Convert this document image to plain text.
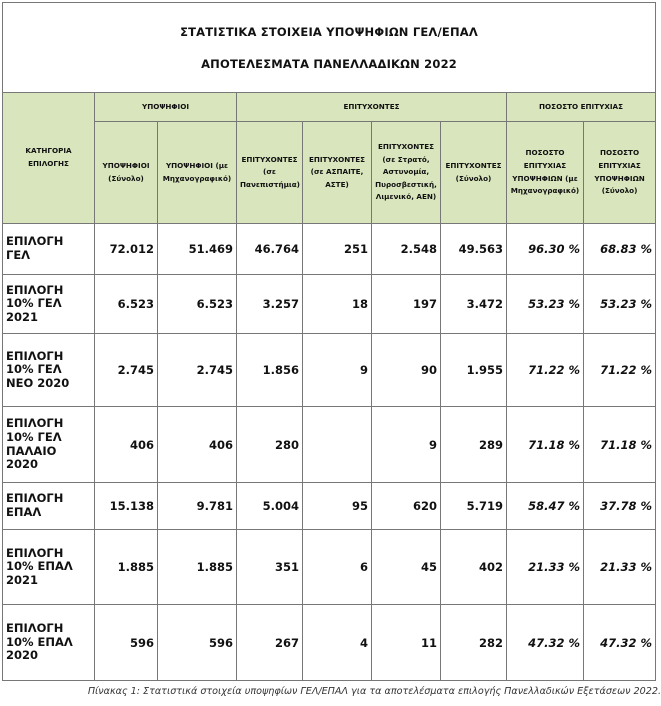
ΣΤΑΤΙΣΤΙΚΑ ΣΤΟΙΧΕΙΑ ΥΠΟΨΗΦΙΩΝ ΓΕΛ/ΕΠΑΛ
ΑΠΟΤΕΛΕΣΜΑΤΑ ΠΑΝΕΛΛΑΔΙΚΩΝ 2022								

ΚΑΤΗΓΟΡΙΑ ΕΠΙΛΟΓΗΣ	ΥΠΟΨΗΦΙΟΙ		ΕΠΙΤΥΧΟΝΤΕΣ				ΠΟΣΟΣΤΟ ΕΠΙΤΥΧΙΑΣ	
	ΥΠΟΨΗΦΙΟΙ (Σύνολο)	ΥΠΟΨΗΦΙΟΙ (με Μηχανογραφικό)	ΕΠΙΤΥΧΟΝΤΕΣ (σε Πανεπιστήμια)	ΕΠΙΤΥΧΟΝΤΕΣ (σε ΑΣΠΑΙΤΕ, ΑΣΤΕ)	ΕΠΙΤΥΧΟΝΤΕΣ (σε Στρατό, Αστυνομία, Πυροσβεστική, Λιμενικό, ΑΕΝ)	ΕΠΙΤΥΧΟΝΤΕΣ (Σύνολο)	ΠΟΣΟΣΤΟ ΕΠΙΤΥΧΙΑΣ ΥΠΟΨΗΦΙΩΝ (με Μηχανογραφικό)	ΠΟΣΟΣΤΟ ΕΠΙΤΥΧΙΑΣ ΥΠΟΨΗΦΙΩΝ (Σύνολο)
ΕΠΙΛΟΓΗ ΓΕΛ	72.012	51.469	46.764	251	2.548	49.563	96.30 %	68.83 %
ΕΠΙΛΟΓΗ 10% ΓΕΛ 2021	6.523	6.523	3.257	18	197	3.472	53.23 %	53.23 %
ΕΠΙΛΟΓΗ 10% ΓΕΛ ΝΕΟ 2020	2.745	2.745	1.856	9	90	1.955	71.22 %	71.22 %
ΕΠΙΛΟΓΗ 10% ΓΕΛ ΠΑΛΑΙΟ 2020	406	406	280		9	289	71.18 %	71.18 %
ΕΠΙΛΟΓΗ ΕΠΑΛ	15.138	9.781	5.004	95	620	5.719	58.47 %	37.78 %
ΕΠΙΛΟΓΗ 10% ΕΠΑΛ 2021	1.885	1.885	351	6	45	402	21.33 %	21.33 %
ΕΠΙΛΟΓΗ 10% ΕΠΑΛ 2020	596	596	267	4	11	282	47.32 %	47.32 %
Πίνακας 1: Στατιστικά στοιχεία υποψηφίων ΓΕΛ/ΕΠΑΛ για τα αποτελέσματα επιλογής Πανελλαδικών Εξετάσεων 2022.
